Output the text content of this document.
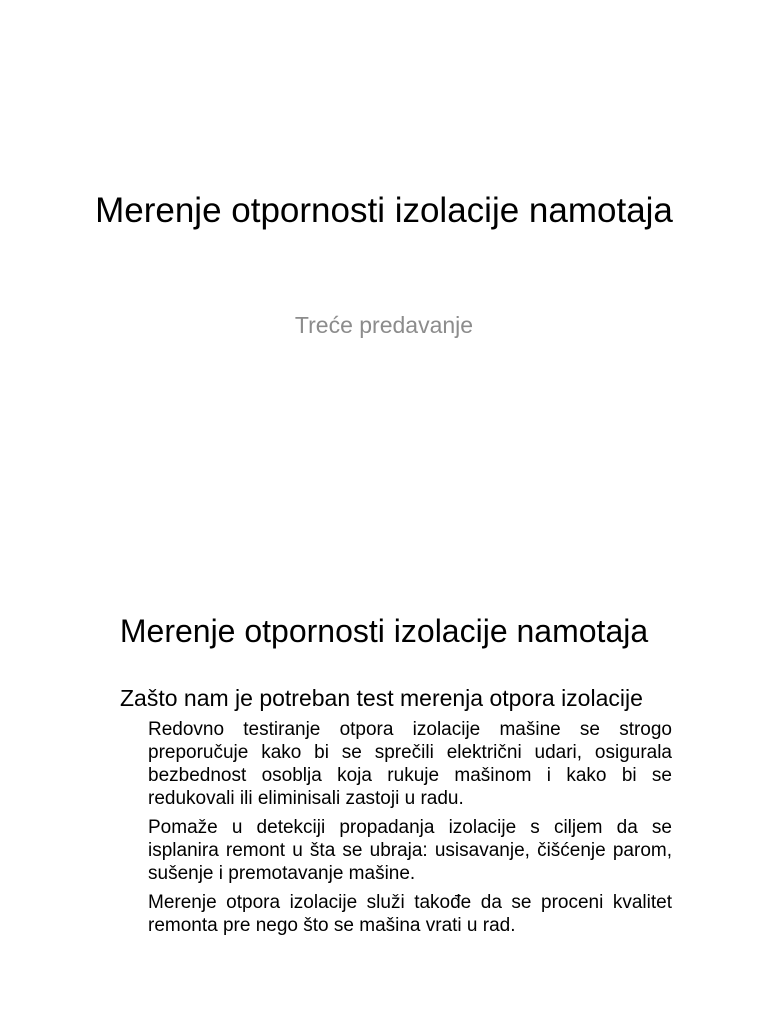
Merenje otpornosti izolacije namotaja

Treće predavanje

Merenje otpornosti izolacije namotaja

Zašto nam je potreban test merenja otpora izolacije

Redovno testiranje otpora izolacije mašine se strogo preporučuje kako bi se sprečili električni udari, osigurala bezbednost osoblja koja rukuje mašinom i kako bi se redukovali ili eliminisali zastoji u radu.

Pomaže u detekciji propadanja izolacije s ciljem da se isplanira remont u šta se ubraja: usisavanje, čišćenje parom, sušenje i premotavanje mašine.

Merenje otpora izolacije služi takođe da se proceni kvalitet remonta pre nego što se mašina vrati u rad.
